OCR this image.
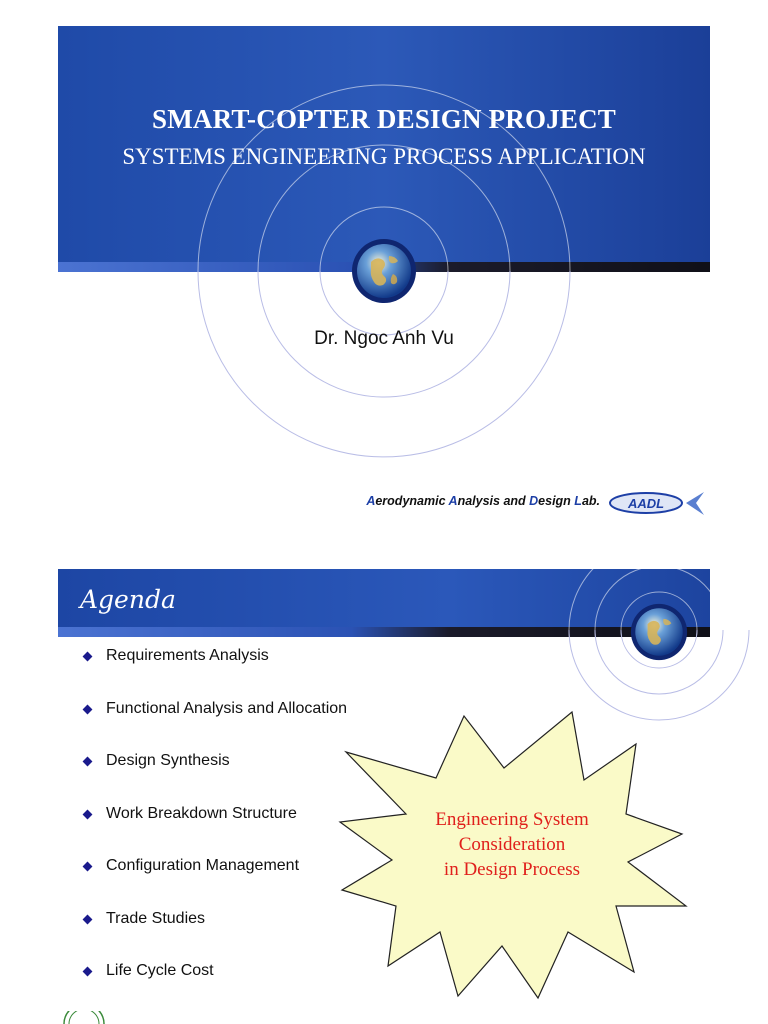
SMART-COPTER DESIGN PROJECT
SYSTEMS ENGINEERING PROCESS APPLICATION
Dr. Ngoc Anh Vu
Aerodynamic Analysis and Design Lab. AADL
Agenda
Requirements Analysis
Functional Analysis and Allocation
Design Synthesis
Work Breakdown Structure
Configuration Management
Trade Studies
Life Cycle Cost
Engineering System
Consideration
in Design Process
